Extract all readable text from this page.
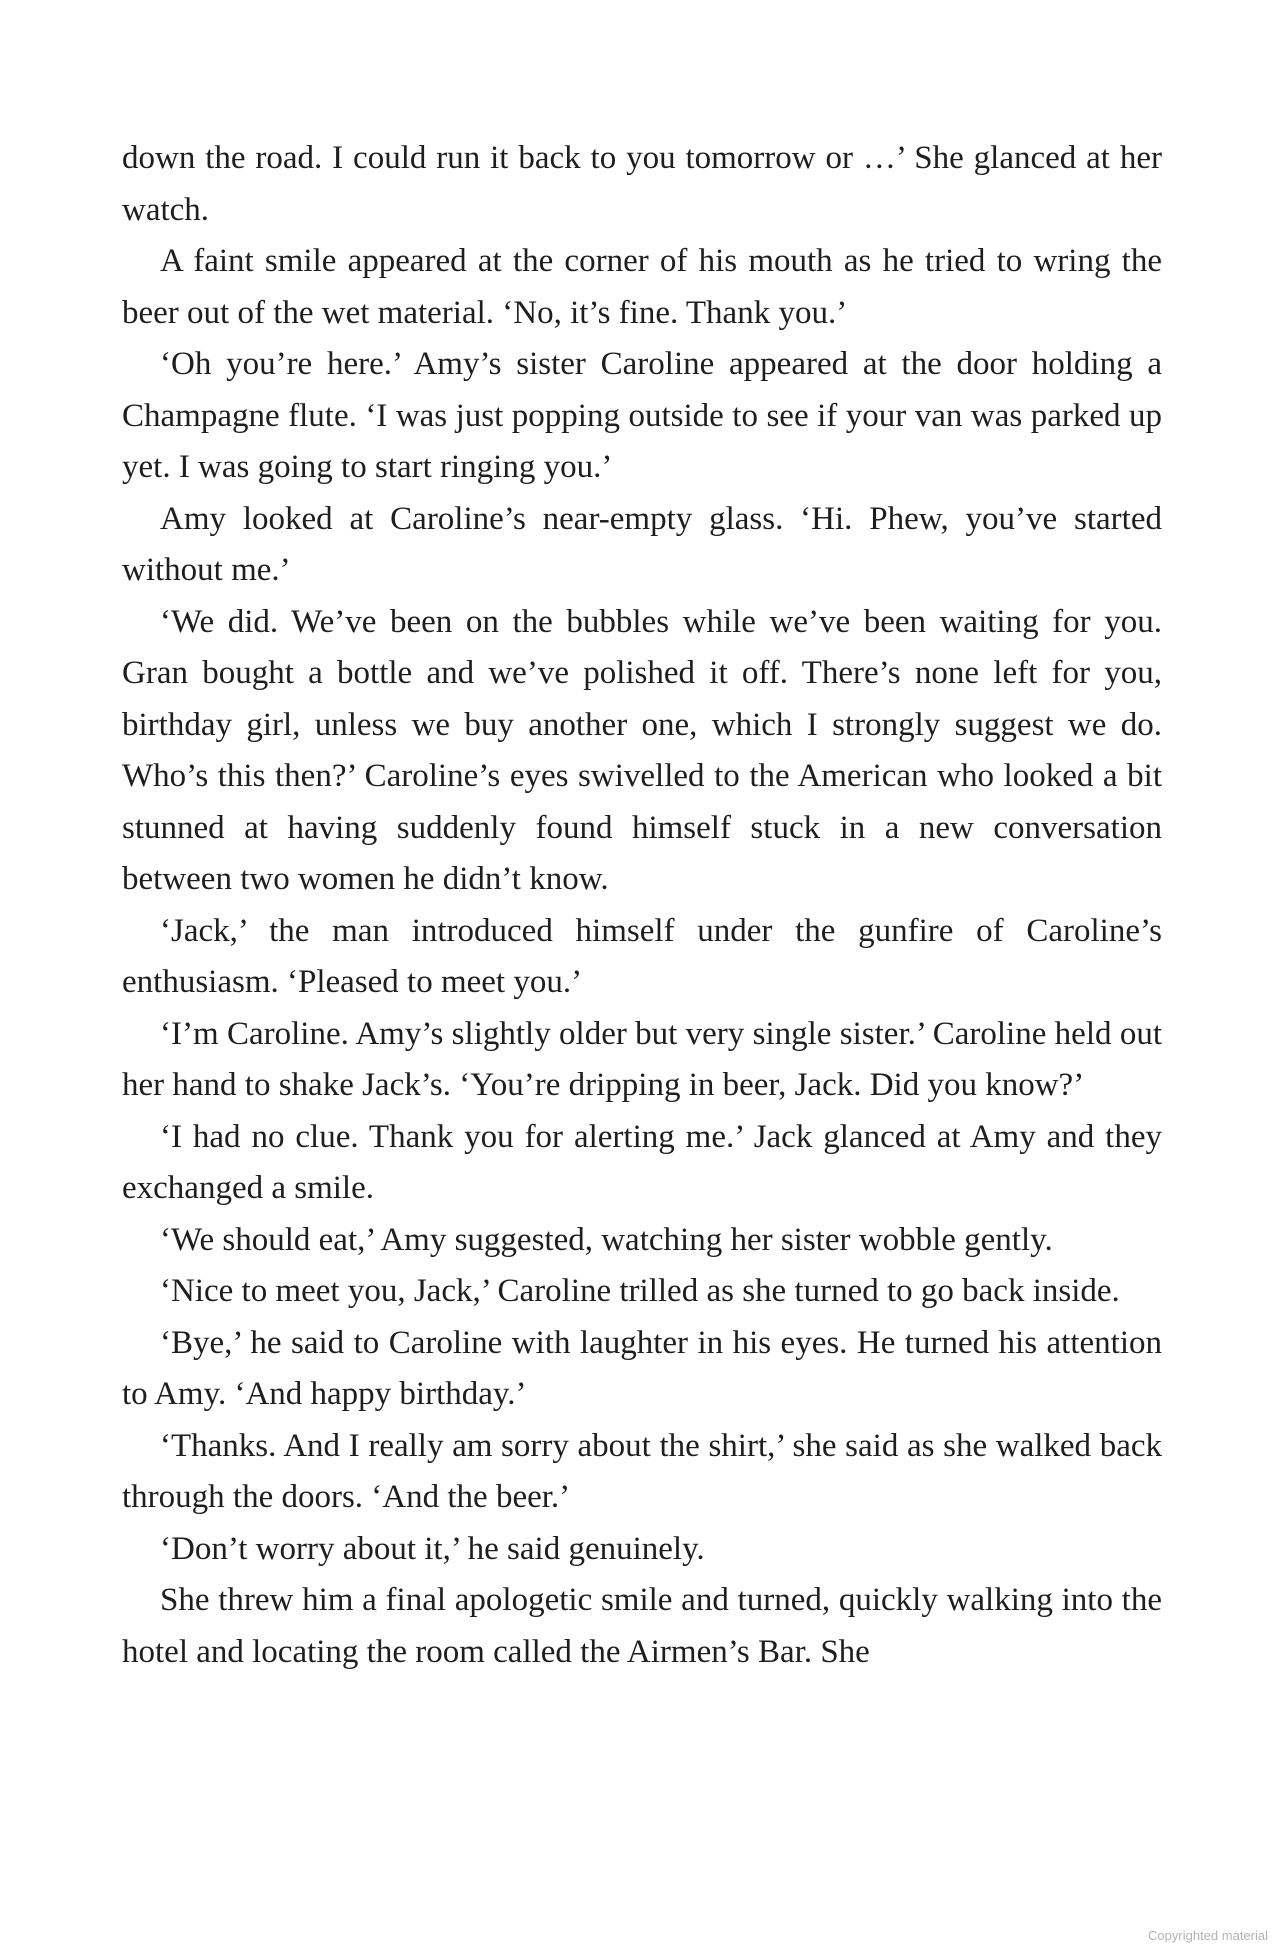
down the road. I could run it back to you tomorrow or …’ She glanced at her watch.

A faint smile appeared at the corner of his mouth as he tried to wring the beer out of the wet material. ‘No, it’s fine. Thank you.’

‘Oh you’re here.’ Amy’s sister Caroline appeared at the door holding a Champagne flute. ‘I was just popping outside to see if your van was parked up yet. I was going to start ringing you.’

Amy looked at Caroline’s near-empty glass. ‘Hi. Phew, you’ve started without me.’

‘We did. We’ve been on the bubbles while we’ve been waiting for you. Gran bought a bottle and we’ve polished it off. There’s none left for you, birthday girl, unless we buy another one, which I strongly suggest we do. Who’s this then?’ Caroline’s eyes swivelled to the American who looked a bit stunned at having suddenly found himself stuck in a new conversation between two women he didn’t know.

‘Jack,’ the man introduced himself under the gunfire of Caroline’s enthusiasm. ‘Pleased to meet you.’

‘I’m Caroline. Amy’s slightly older but very single sister.’ Caroline held out her hand to shake Jack’s. ‘You’re dripping in beer, Jack. Did you know?’

‘I had no clue. Thank you for alerting me.’ Jack glanced at Amy and they exchanged a smile.

‘We should eat,’ Amy suggested, watching her sister wobble gently.

‘Nice to meet you, Jack,’ Caroline trilled as she turned to go back inside.

‘Bye,’ he said to Caroline with laughter in his eyes. He turned his attention to Amy. ‘And happy birthday.’

‘Thanks. And I really am sorry about the shirt,’ she said as she walked back through the doors. ‘And the beer.’

‘Don’t worry about it,’ he said genuinely.

She threw him a final apologetic smile and turned, quickly walking into the hotel and locating the room called the Airmen’s Bar. She

Copyrighted material
